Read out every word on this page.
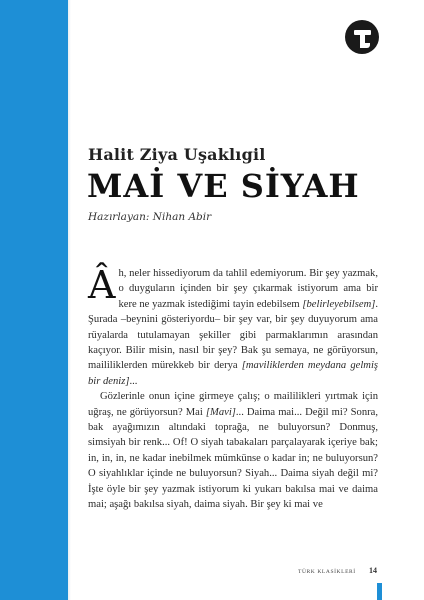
Halit Ziya Uşaklıgil
MAİ VE SİYAH
Hazırlayan: Nihan Abir

Âh, neler hissediyorum da tahlil edemiyorum. Bir şey yazmak, o duyguların içinden bir şey çıkarmak istiyorum ama bir kere ne yazmak istediğimi tayin edebilsem [belirleyebilsem]. Şurada –beynini gösteriyordu– bir şey var, bir şey duyuyorum ama rüyalarda tutulamayan şekiller gibi parmaklarımın arasından kaçıyor. Bilir misin, nasıl bir şey? Bak şu semaya, ne görüyorsun, maililiklerden mürekkeb bir derya [maviliklerden meydana gelmiş bir deniz]...

Gözlerinle onun içine girmeye çalış; o maililikleri yırtmak için uğraş, ne görüyorsun? Mai [Mavi]... Daima mai... Değil mi? Sonra, bak ayağımızın altındaki toprağa, ne buluyorsun? Donmuş, simsiyah bir renk... Of! O siyah tabakaları parçalayarak içeriye bak; in, in, in, ne kadar inebilmek mümkünse o kadar in; ne buluyorsun? O siyahlıklar içinde ne buluyorsun? Siyah... Daima siyah değil mi? İşte öyle bir şey yazmak istiyorum ki yukarı bakılsa mai ve daima mai; aşağı bakılsa siyah, daima siyah. Bir şey ki mai ve

TÜRK KLASİKLERİ 14
